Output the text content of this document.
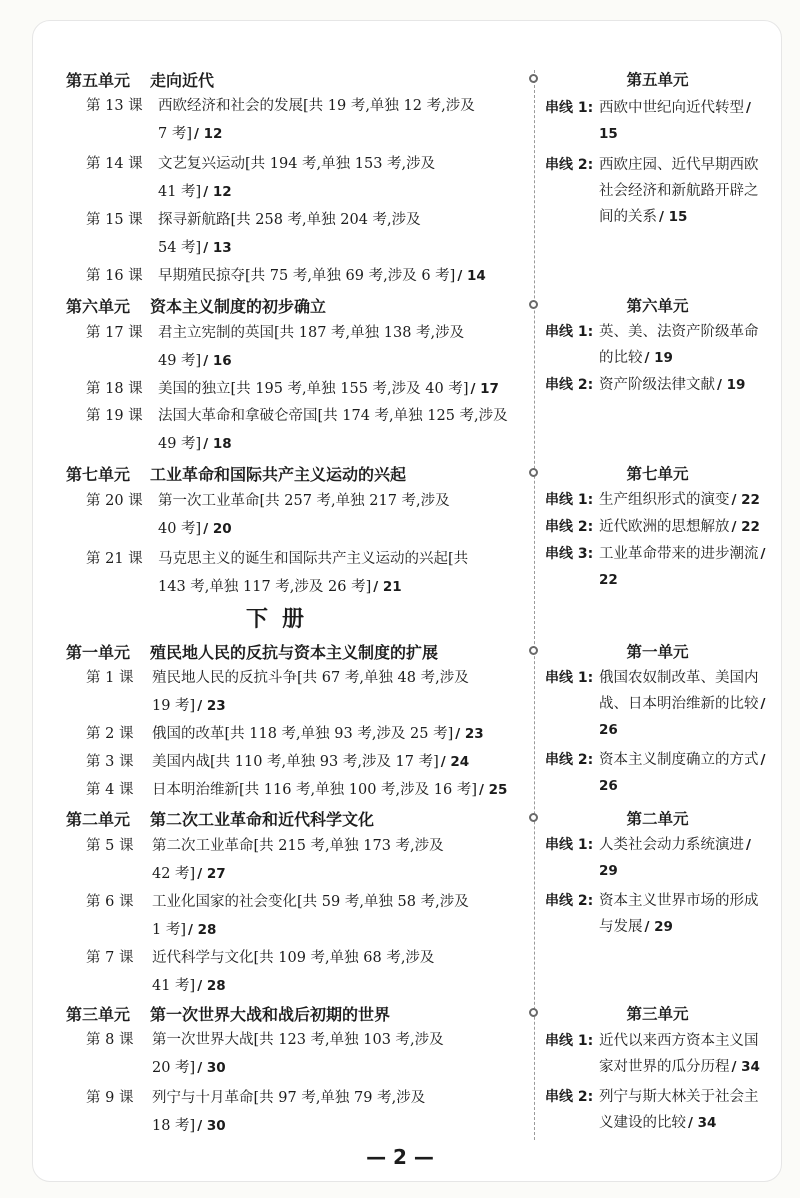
第五单元 走向近代
第 13 课 西欧经济和社会的发展[共 19 考,单独 12 考,涉及
7 考] / 12
第 14 课 文艺复兴运动[共 194 考,单独 153 考,涉及
41 考] / 12
第 15 课 探寻新航路[共 258 考,单独 204 考,涉及
54 考] / 13
第 16 课 早期殖民掠夺[共 75 考,单独 69 考,涉及 6 考] / 14
第六单元 资本主义制度的初步确立
第 17 课 君主立宪制的英国[共 187 考,单独 138 考,涉及
49 考] / 16
第 18 课 美国的独立[共 195 考,单独 155 考,涉及 40 考] / 17
第 19 课 法国大革命和拿破仑帝国[共 174 考,单独 125 考,涉及
49 考] / 18
第七单元 工业革命和国际共产主义运动的兴起
第 20 课 第一次工业革命[共 257 考,单独 217 考,涉及
40 考] / 20
第 21 课 马克思主义的诞生和国际共产主义运动的兴起[共
143 考,单独 117 考,涉及 26 考] / 21
下册
第一单元 殖民地人民的反抗与资本主义制度的扩展
第 1 课 殖民地人民的反抗斗争[共 67 考,单独 48 考,涉及
19 考] / 23
第 2 课 俄国的改革[共 118 考,单独 93 考,涉及 25 考] / 23
第 3 课 美国内战[共 110 考,单独 93 考,涉及 17 考] / 24
第 4 课 日本明治维新[共 116 考,单独 100 考,涉及 16 考] / 25
第二单元 第二次工业革命和近代科学文化
第 5 课 第二次工业革命[共 215 考,单独 173 考,涉及
42 考] / 27
第 6 课 工业化国家的社会变化[共 59 考,单独 58 考,涉及
1 考] / 28
第 7 课 近代科学与文化[共 109 考,单独 68 考,涉及
41 考] / 28
第三单元 第一次世界大战和战后初期的世界
第 8 课 第一次世界大战[共 123 考,单独 103 考,涉及
20 考] / 30
第 9 课 列宁与十月革命[共 97 考,单独 79 考,涉及
18 考] / 30
第五单元
串线 1: 西欧中世纪向近代转型 / 15
串线 2: 西欧庄园、近代早期西欧社会经济和新航路开辟之间的关系 / 15
第六单元
串线 1: 英、美、法资产阶级革命的比较 / 19
串线 2: 资产阶级法律文献 / 19
第七单元
串线 1: 生产组织形式的演变 / 22
串线 2: 近代欧洲的思想解放 / 22
串线 3: 工业革命带来的进步潮流 / 22
第一单元
串线 1: 俄国农奴制改革、美国内战、日本明治维新的比较 / 26
串线 2: 资本主义制度确立的方式 / 26
第二单元
串线 1: 人类社会动力系统演进 / 29
串线 2: 资本主义世界市场的形成与发展 / 29
第三单元
串线 1: 近代以来西方资本主义国家对世界的瓜分历程 / 34
串线 2: 列宁与斯大林关于社会主义建设的比较 / 34
— 2 —
